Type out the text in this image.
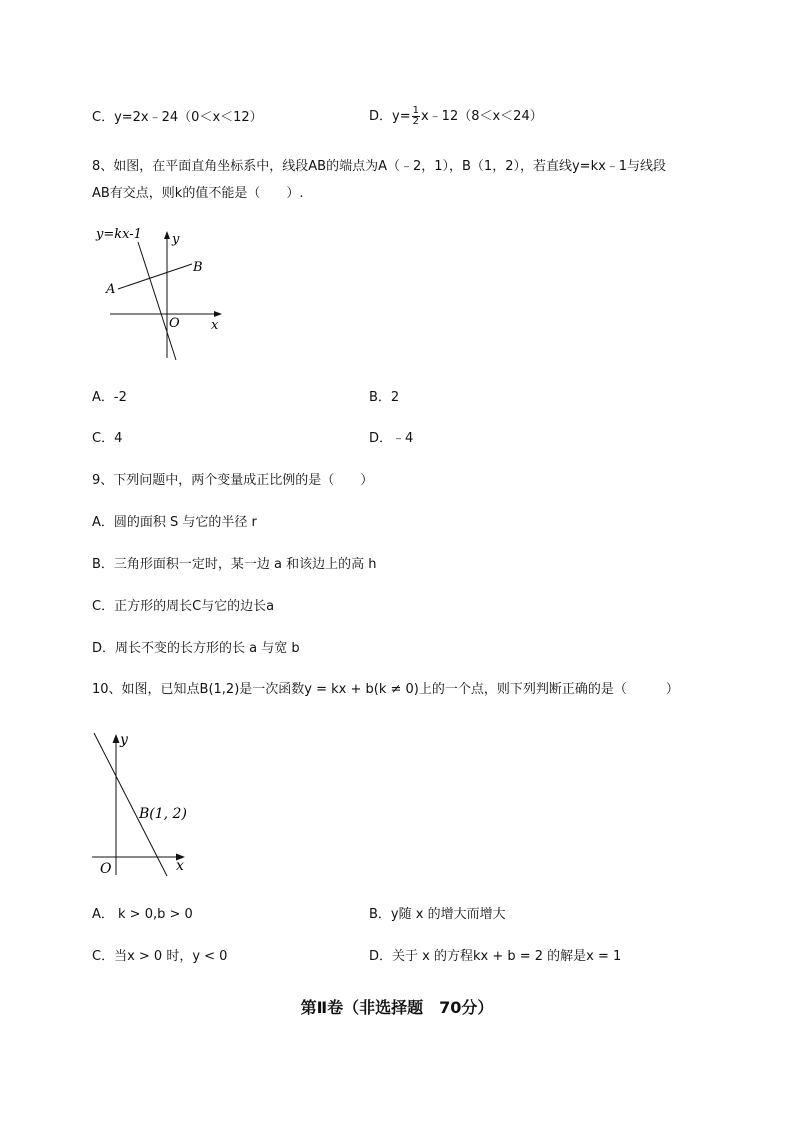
C．y=2x﹣24（0＜x＜12）	D．$y= \frac{1}{2}$ x﹣12（8＜x＜24）
8、如图，在平面直角坐标系中，线段AB的端点为A（﹣2，1），B（1，2），若直线y=kx﹣1与线段
AB有交点，则k的值不能是（　　）.
y=kx-1 y
B
A
O x
A．-2	B．2
C．4	D．﹣4
9、下列问题中，两个变量成正比例的是（　　）
A．圆的面积 S 与它的半径 r
B．三角形面积一定时，某一边 a 和该边上的高 h
C．正方形的周长C与它的边长a
D．周长不变的长方形的长 a 与宽 b
10、如图，已知点B(1,2)是一次函数y = kx + b(k ≠ 0)上的一个点，则下列判断正确的是（　　　）
y
B(1, 2)
O	x
A． k > 0,b > 0	B．y随 x 的增大而增大
C．当x > 0 时，y < 0	D．关于 x 的方程kx + b = 2 的解是x = 1
第Ⅱ卷（非选择题　70分）
